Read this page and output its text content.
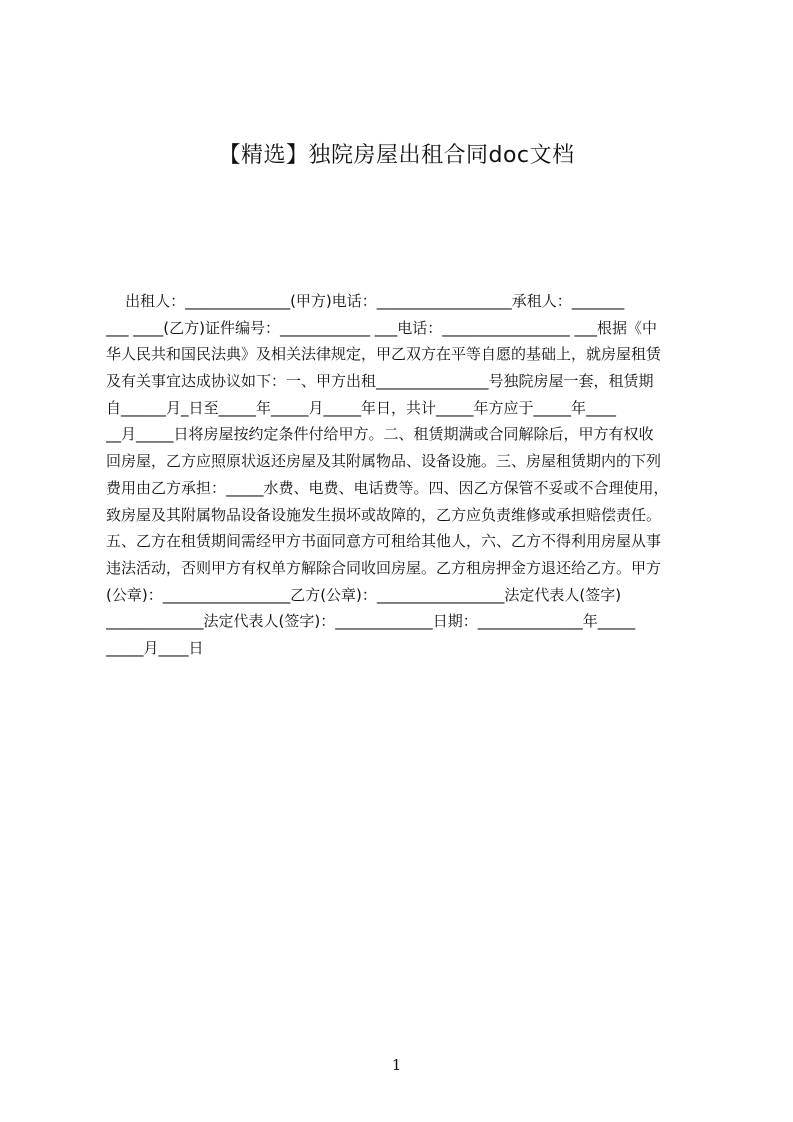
【精选】独院房屋出租合同doc文档
出租人：______________(甲方)电话：__________________承租人：_______
___ ____(乙方)证件编号：____________ ___电话：_________________ ___根据《中
华人民共和国民法典》及相关法律规定，甲乙双方在平等自愿的基础上，就房屋租赁
及有关事宜达成协议如下：一、甲方出租_______________号独院房屋一套，租赁期
自______月_日至_____年_____月_____年日，共计_____年方应于_____年____
__月_____日将房屋按约定条件付给甲方。二、租赁期满或合同解除后，甲方有权收
回房屋，乙方应照原状返还房屋及其附属物品、设备设施。三、房屋租赁期内的下列
费用由乙方承担：_____水费、电费、电话费等。四、因乙方保管不妥或不合理使用，
致房屋及其附属物品设备设施发生损坏或故障的，乙方应负责维修或承担赔偿责任。
五、乙方在租赁期间需经甲方书面同意方可租给其他人，六、乙方不得利用房屋从事
违法活动，否则甲方有权单方解除合同收回房屋。乙方租房押金方退还给乙方。甲方
(公章)：_________________乙方(公章)：_________________法定代表人(签字)
_____________法定代表人(签字)：_____________日期：______________年_____
_____月____日
1
